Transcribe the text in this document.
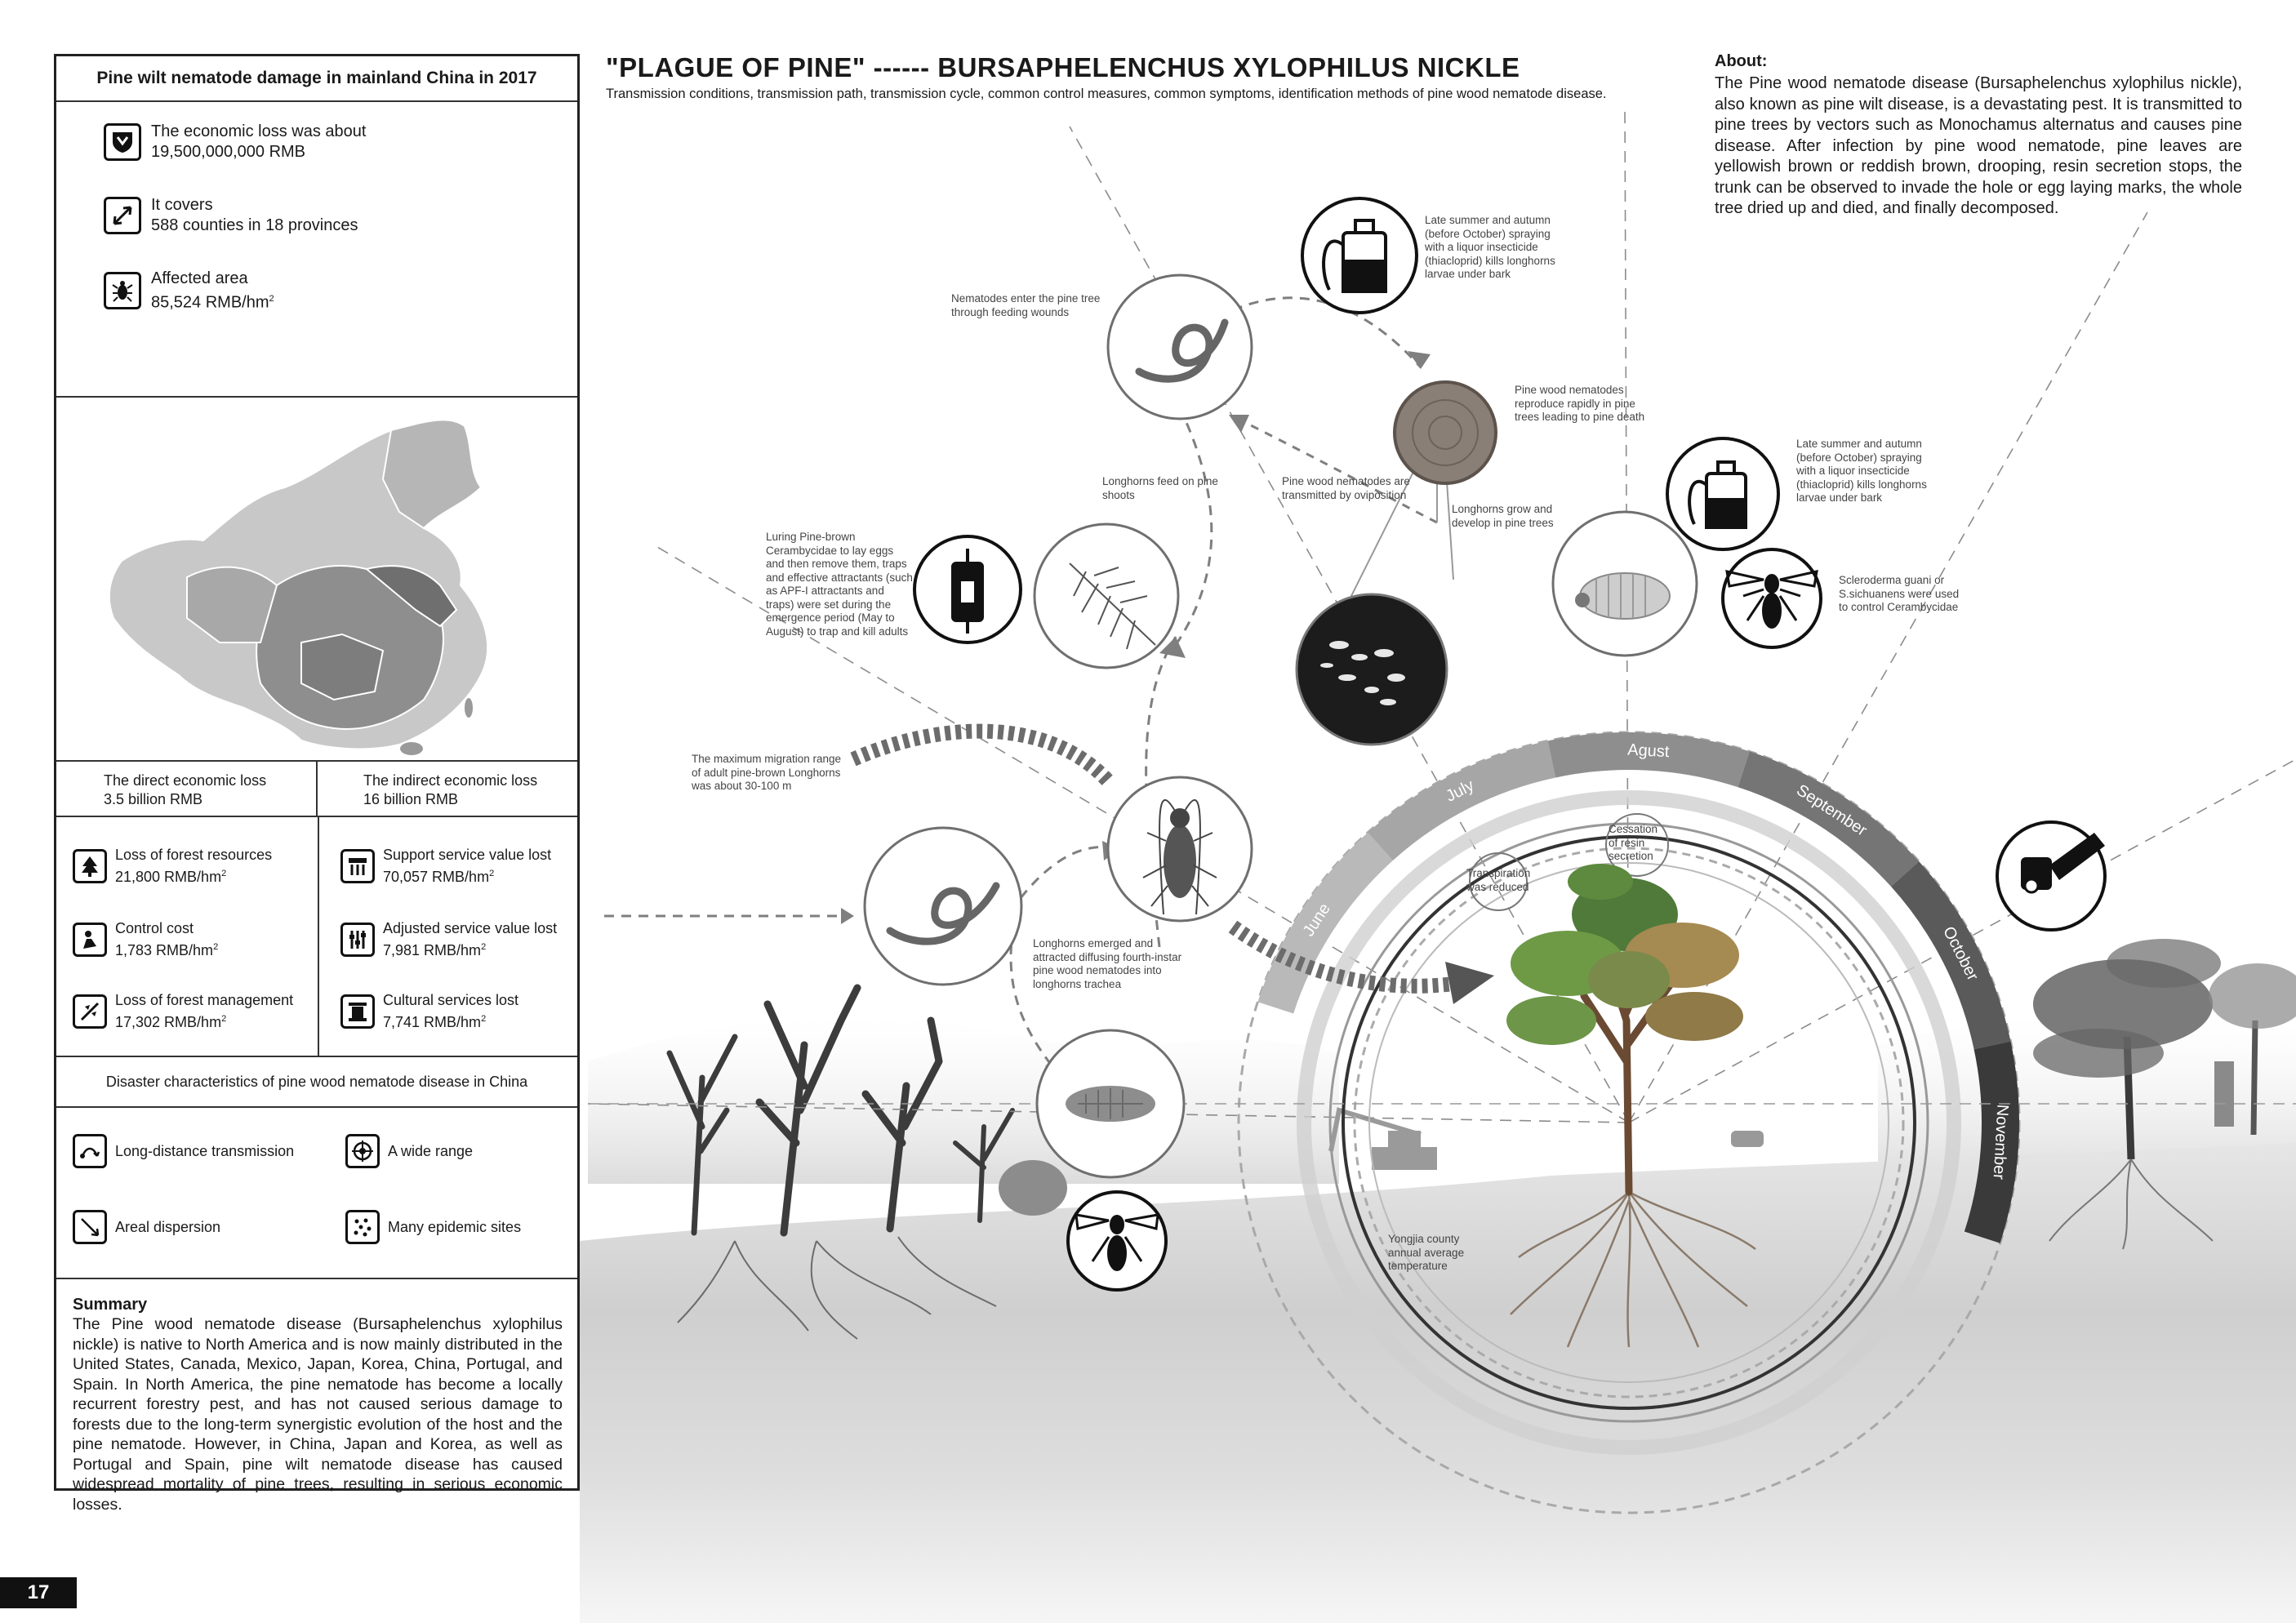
June
July
Agust
September
October
November
Nematodes enter the pine tree through feeding wounds
Late summer and autumn (before October) spraying with a liquor insecticide (thiacloprid) kills longhorns larvae under bark
Pine wood nematodes reproduce rapidly in pine trees leading to pine death
Longhorns feed on pine shoots
Pine wood nematodes are transmitted by oviposition
Longhorns grow and develop in pine trees
Late summer and autumn (before October) spraying with a liquor insecticide (thiacloprid) kills longhorns larvae under bark
Scleroderma guani or S.sichuanens were used to control Cerambycidae
Luring Pine-brown Cerambycidae to lay eggs and then remove them, traps and effective attractants (such as APF-I attractants and traps) were set during the emergence period (May to August) to trap and kill adults
The maximum migration range of adult pine-brown Longhorns was about 30-100 m
Longhorns emerged and attracted diffusing fourth-instar pine wood nematodes into longhorns trachea
Cessation of resin secretion
Transpiration was reduced
Yongjia county annual average temperature
"PLAGUE OF PINE" ------ BURSAPHELENCHUS XYLOPHILUS NICKLE
Transmission conditions, transmission path, transmission cycle, common control measures, common symptoms, identification methods of pine wood nematode disease.
About:
The Pine wood nematode disease (Bursaphelenchus xylophilus nickle), also known as pine wilt disease, is a devastating pest. It is transmitted to pine trees by vectors such as Monochamus alternatus and causes pine disease. After infection by pine wood nematode, pine leaves are yellowish brown or reddish brown, drooping, resin secretion stops, the trunk can be observed to invade the hole or egg laying marks, the whole tree dried up and died, and finally decomposed.
Pine wilt nematode damage in mainland China in 2017
The economic loss was about
19,500,000,000 RMB
It covers
588 counties in 18 provinces
Affected area
85,524 RMB/$hm^2$
The direct economic loss
3.5 billion RMB
The indirect economic loss
16 billion RMB
Loss of forest resources
21,800 RMB/$hm^2$
Support service value lost
70,057 RMB/$hm^2$
Control cost
1,783 RMB/$hm^2$
Adjusted service value lost
7,981 RMB/$hm^2$
Loss of forest management
17,302 RMB/$hm^2$
Cultural services lost
7,741 RMB/$hm^2$
Disaster characteristics of pine wood nematode disease in China
Long-distance transmission	A wide range
Areal dispersion	Many epidemic sites
Summary
The Pine wood nematode disease (Bursaphelenchus xylophilus nickle) is native to North America and is now mainly distributed in the United States, Canada, Mexico, Japan, Korea, China, Portugal, and Spain. In North America, the pine nematode has become a locally recurrent forestry pest, and has not caused serious damage to forests due to the long-term synergistic evolution of the host and the pine nematode. However, in China, Japan and Korea, as well as Portugal and Spain, pine wilt nematode disease has caused widespread mortality of pine trees, resulting in serious economic losses.
17
